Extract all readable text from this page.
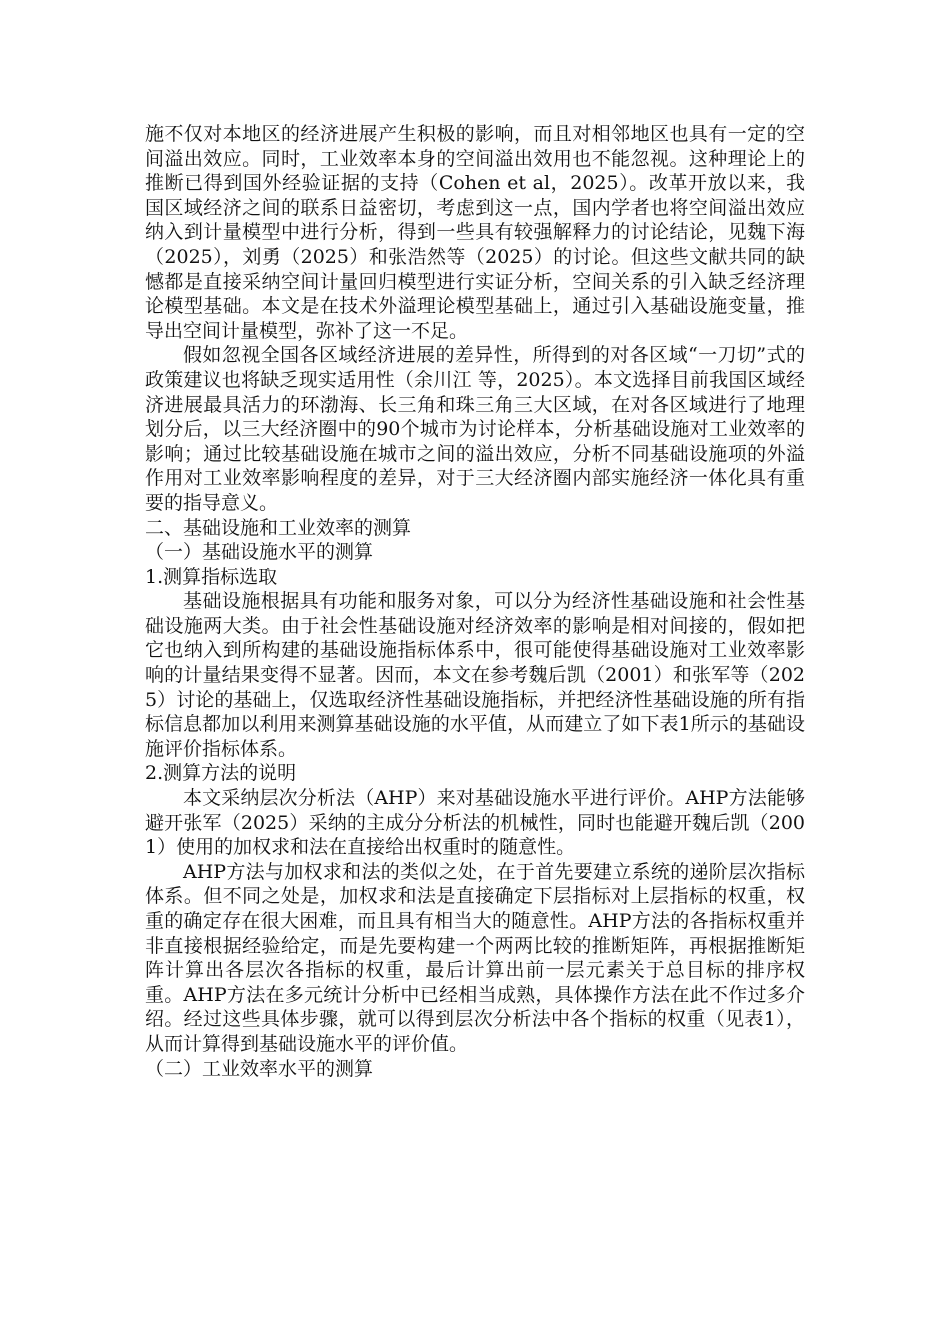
施不仅对本地区的经济进展产生积极的影响，而且对相邻地区也具有一定的空间溢出效应。同时，工业效率本身的空间溢出效用也不能忽视。这种理论上的推断已得到国外经验证据的支持（Cohen et al，2025）。改革开放以来，我国区域经济之间的联系日益密切，考虑到这一点，国内学者也将空间溢出效应纳入到计量模型中进行分析，得到一些具有较强解释力的讨论结论，见魏下海（2025），刘勇（2025）和张浩然等（2025）的讨论。但这些文献共同的缺憾都是直接采纳空间计量回归模型进行实证分析，空间关系的引入缺乏经济理论模型基础。本文是在技术外溢理论模型基础上，通过引入基础设施变量，推导出空间计量模型，弥补了这一不足。

假如忽视全国各区域经济进展的差异性，所得到的对各区域“一刀切”式的政策建议也将缺乏现实适用性（余川江 等，2025）。本文选择目前我国区域经济进展最具活力的环渤海、长三角和珠三角三大区域，在对各区域进行了地理划分后，以三大经济圈中的90个城市为讨论样本，分析基础设施对工业效率的影响；通过比较基础设施在城市之间的溢出效应，分析不同基础设施项的外溢作用对工业效率影响程度的差异，对于三大经济圈内部实施经济一体化具有重要的指导意义。

二、基础设施和工业效率的测算

（一）基础设施水平的测算

1.测算指标选取

基础设施根据具有功能和服务对象，可以分为经济性基础设施和社会性基础设施两大类。由于社会性基础设施对经济效率的影响是相对间接的，假如把它也纳入到所构建的基础设施指标体系中，很可能使得基础设施对工业效率影响的计量结果变得不显著。因而，本文在参考魏后凯（2001）和张军等（2025）讨论的基础上，仅选取经济性基础设施指标，并把经济性基础设施的所有指标信息都加以利用来测算基础设施的水平值，从而建立了如下表1所示的基础设施评价指标体系。

2.测算方法的说明

本文采纳层次分析法（AHP）来对基础设施水平进行评价。AHP方法能够避开张军（2025）采纳的主成分分析法的机械性，同时也能避开魏后凯（2001）使用的加权求和法在直接给出权重时的随意性。

AHP方法与加权求和法的类似之处，在于首先要建立系统的递阶层次指标体系。但不同之处是，加权求和法是直接确定下层指标对上层指标的权重，权重的确定存在很大困难，而且具有相当大的随意性。AHP方法的各指标权重并非直接根据经验给定，而是先要构建一个两两比较的推断矩阵，再根据推断矩阵计算出各层次各指标的权重，最后计算出前一层元素关于总目标的排序权重。AHP方法在多元统计分析中已经相当成熟，具体操作方法在此不作过多介绍。经过这些具体步骤，就可以得到层次分析法中各个指标的权重（见表1），从而计算得到基础设施水平的评价值。

（二）工业效率水平的测算
